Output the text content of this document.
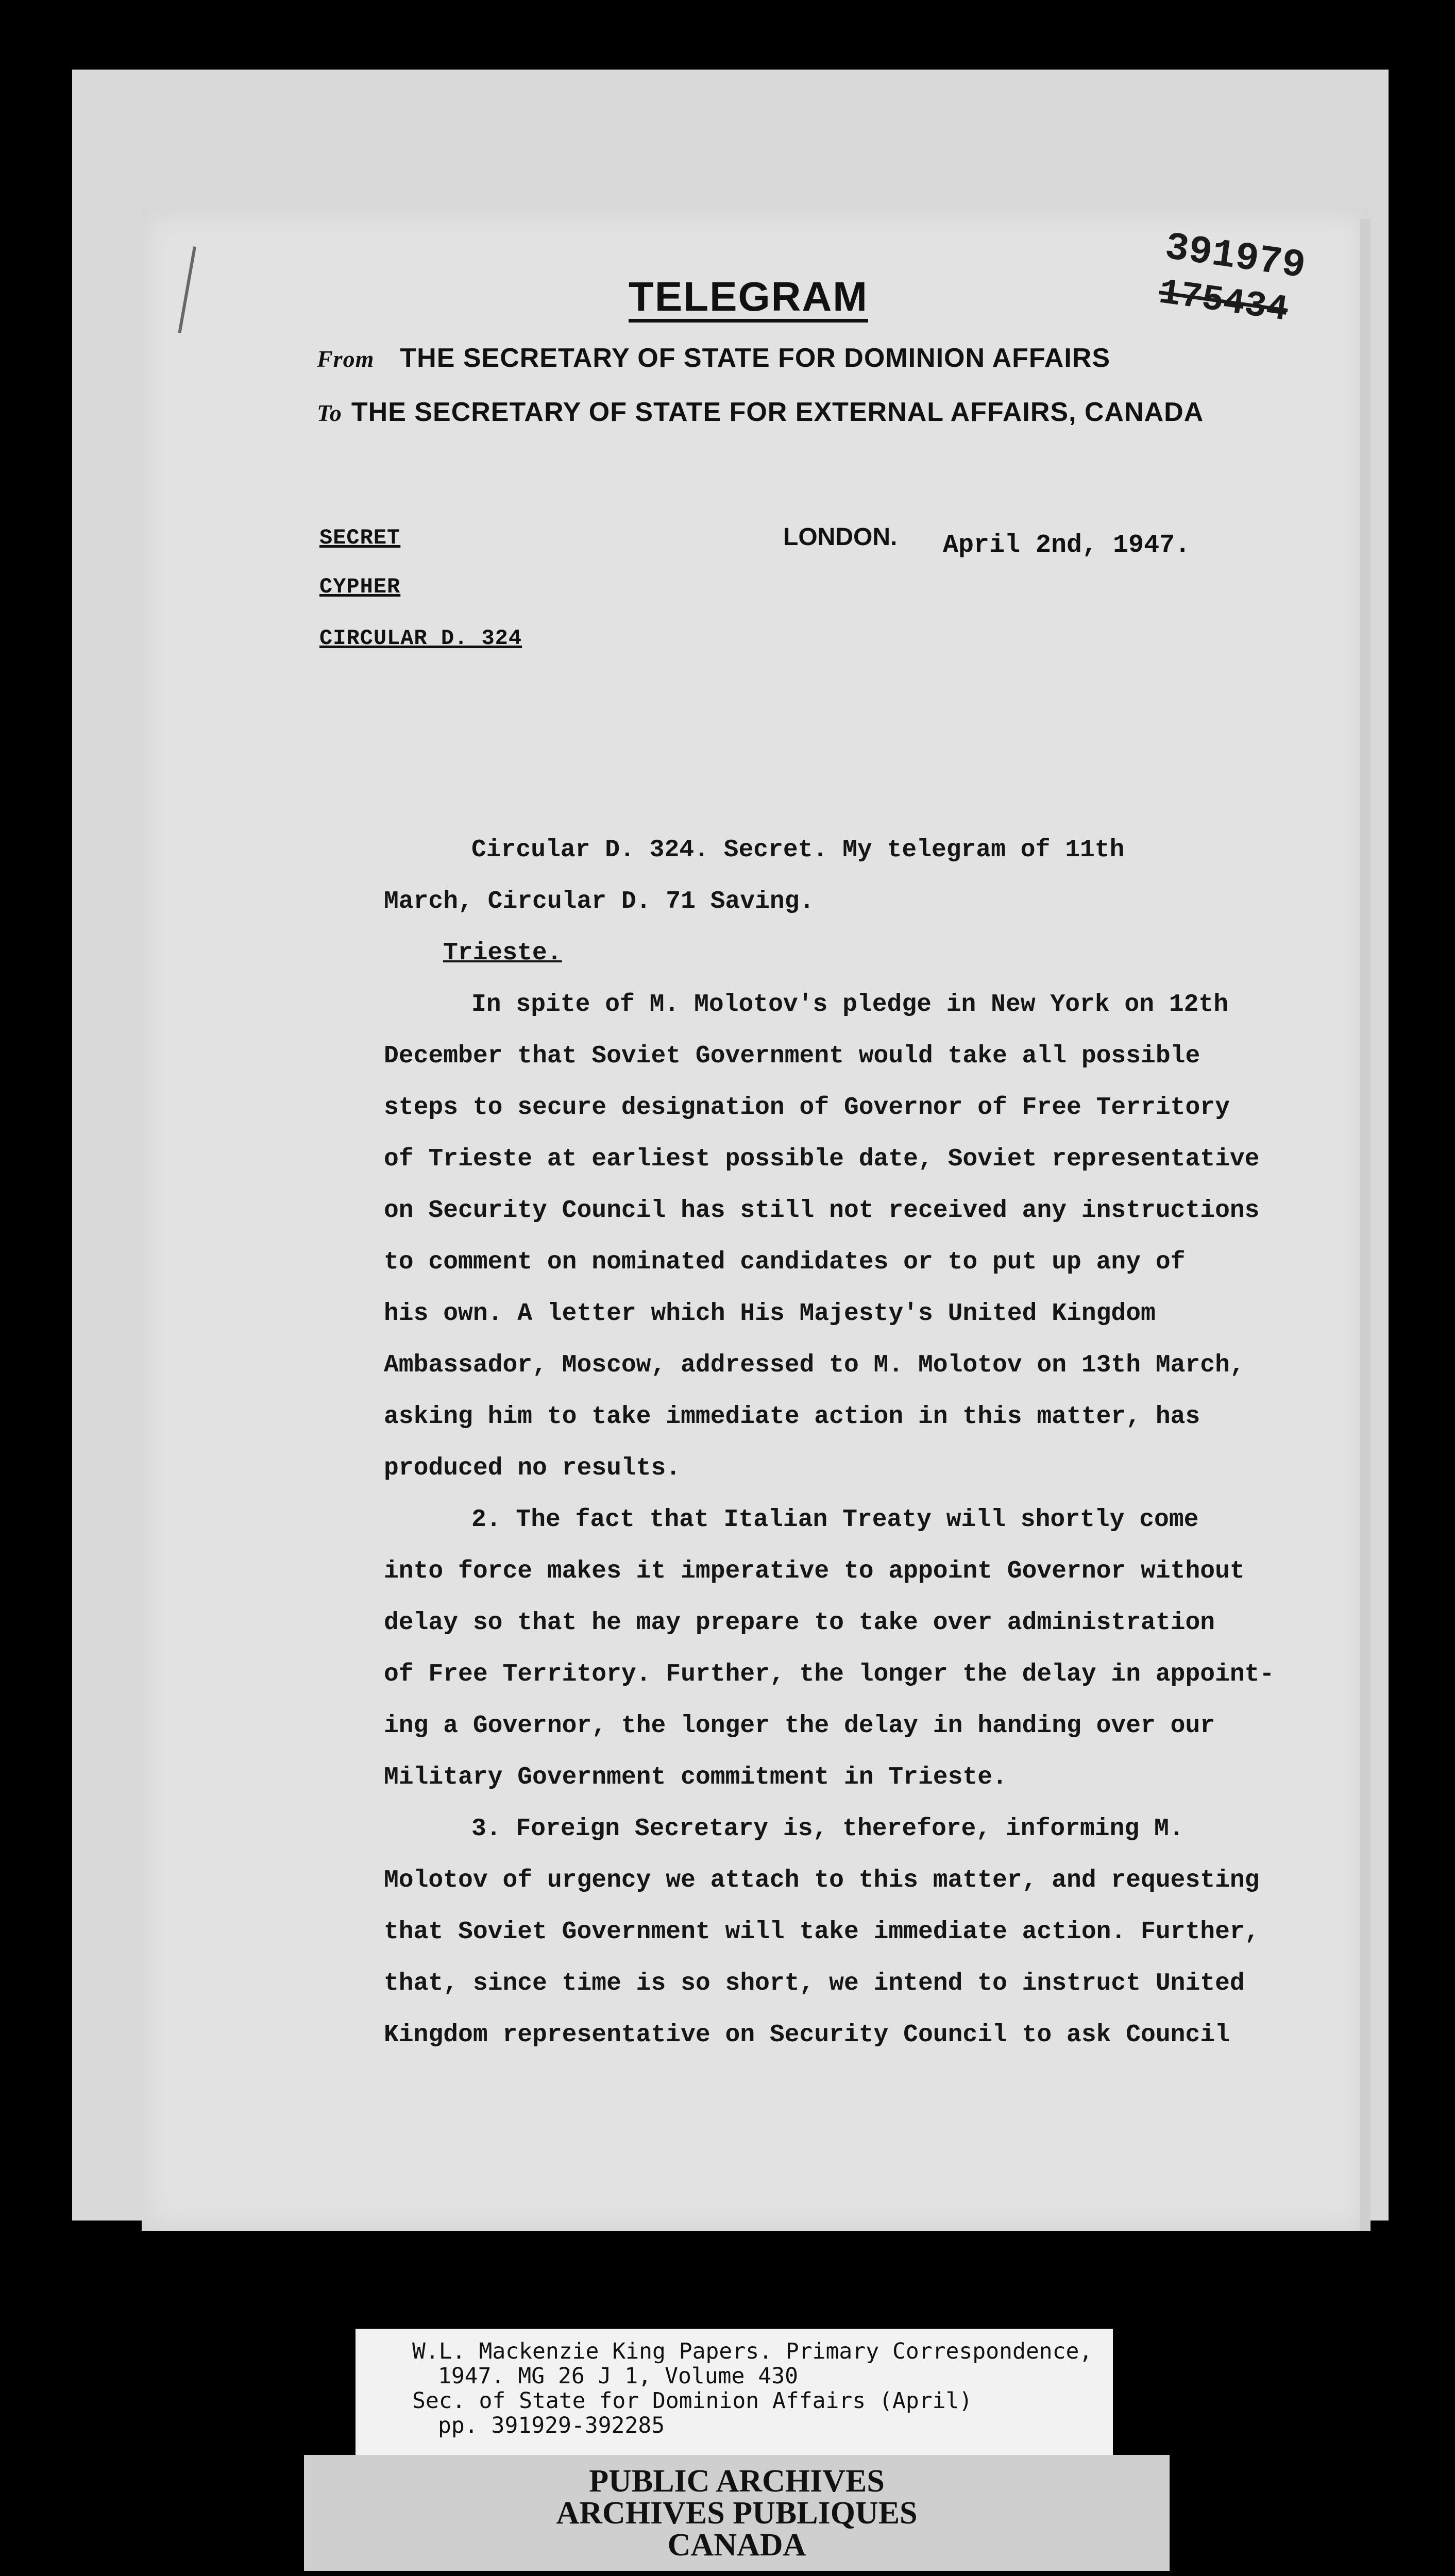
391979
175434
TELEGRAM
From THE SECRETARY OF STATE FOR DOMINION AFFAIRS
To THE SECRETARY OF STATE FOR EXTERNAL AFFAIRS, CANADA
SECRET
CYPHER
CIRCULAR D. 324
LONDON. April 2nd, 1947.

Circular D. 324. Secret. My telegram of 11th

March, Circular D. 71 Saving.

Trieste.

In spite of M. Molotov's pledge in New York on 12th

December that Soviet Government would take all possible

steps to secure designation of Governor of Free Territory

of Trieste at earliest possible date, Soviet representative

on Security Council has still not received any instructions

to comment on nominated candidates or to put up any of

his own. A letter which His Majesty's United Kingdom

Ambassador, Moscow, addressed to M. Molotov on 13th March,

asking him to take immediate action in this matter, has

produced no results.

2. The fact that Italian Treaty will shortly come

into force makes it imperative to appoint Governor without

delay so that he may prepare to take over administration

of Free Territory. Further, the longer the delay in appoint-

ing a Governor, the longer the delay in handing over our

Military Government commitment in Trieste.

3. Foreign Secretary is, therefore, informing M.

Molotov of urgency we attach to this matter, and requesting

that Soviet Government will take immediate action. Further,

that, since time is so short, we intend to instruct United

Kingdom representative on Security Council to ask Council

W.L. Mackenzie King Papers. Primary Correspondence,

1947. MG 26 J 1, Volume 430

Sec. of State for Dominion Affairs (April)

pp. 391929-392285

PUBLIC ARCHIVES

ARCHIVES PUBLIQUES

CANADA
